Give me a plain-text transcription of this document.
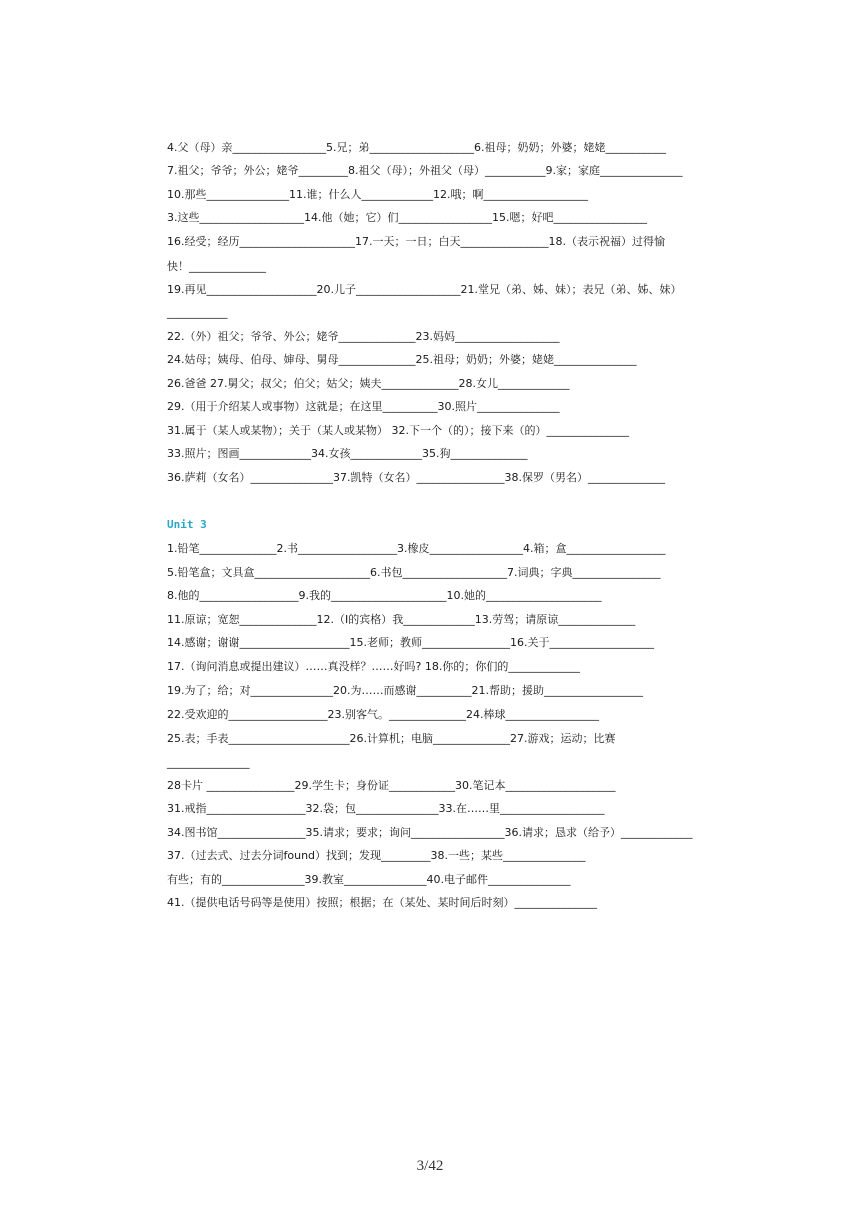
4.父（母）亲_________________5.兄；弟___________________6.祖母；奶奶；外婆；姥姥___________
7.祖父；爷爷；外公；姥爷_________8.祖父（母）；外祖父（母）___________9.家；家庭_______________
10.那些_______________11.谁；什么人_____________12.哦；啊___________________
3.这些___________________14.他（她；它）们_________________15.嗯；好吧_________________
16.经受；经历_____________________17.一天；一日；白天________________18.（表示祝福）过得愉
快！______________
19.再见____________________20.儿子___________________21.堂兄（弟、姊、妹）；表兄（弟、姊、妹）
___________
22.（外）祖父；爷爷、外公；姥爷______________23.妈妈___________________
24.姑母；姨母、伯母、婶母、舅母______________25.祖母；奶奶；外婆；姥姥_______________
26.爸爸 27.舅父；叔父；伯父；姑父；姨夫______________28.女儿_____________
29.（用于介绍某人或事物）这就是；在这里__________30.照片_______________
31.属于（某人或某物）；关于（某人或某物） 32.下一个（的）；接下来（的）_______________
33.照片；图画_____________34.女孩_____________35.狗______________
36.萨莉（女名）_______________37.凯特（女名）________________38.保罗（男名）______________
Unit 3
1.铅笔______________2.书__________________3.橡皮_________________4.箱；盒__________________
5.铅笔盒；文具盒_____________________6.书包___________________7.词典；字典________________
8.他的__________________9.我的_____________________10.她的_____________________
11.原谅；宽恕______________12.（I的宾格）我_____________13.劳驾；请原谅______________
14.感谢；谢谢____________________15.老师；教师________________16.关于___________________
17.（询问消息或提出建议）……真没样？……好吗? 18.你的；你们的_____________
19.为了；给；对_______________20.为……而感谢__________21.帮助；援助__________________
22.受欢迎的__________________23.别客气。______________24.棒球_________________
25.表；手表______________________26.计算机；电脑______________27.游戏；运动；比赛
_______________
28卡片 ________________29.学生卡；身份证____________30.笔记本____________________
31.戒指__________________32.袋；包_______________33.在……里___________________
34.图书馆________________35.请求；要求；询问_________________36.请求；恳求（给予）_____________
37.（过去式、过去分词found）找到；发现_________38.一些；某些_______________
有些；有的_______________39.教室_______________40.电子邮件_______________
41.（提供电话号码等是使用）按照；根据；在（某处、某时间后时刻）_______________
3/42
